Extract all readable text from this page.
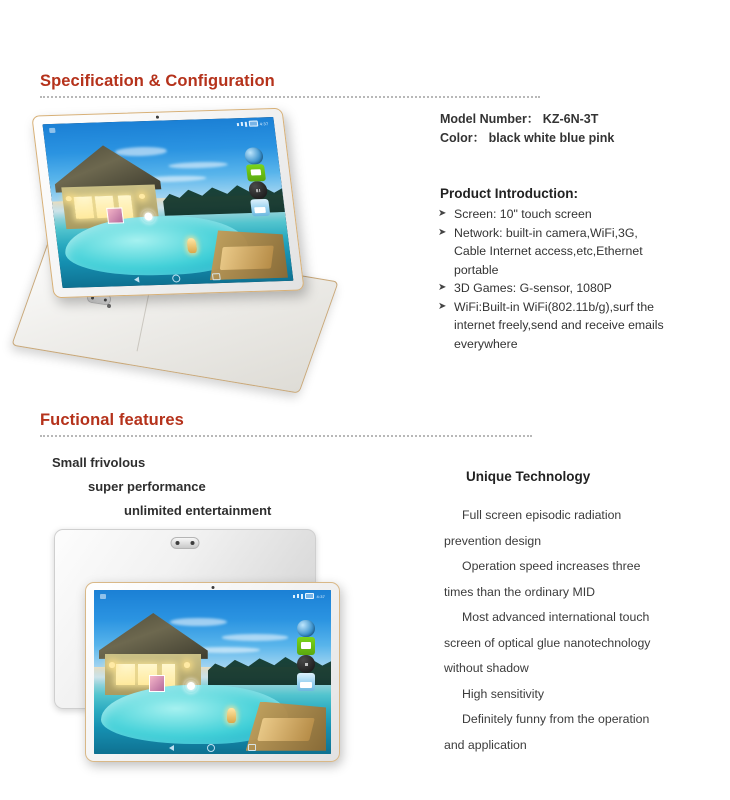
Specification & Configuration
4:37	Model Number： KZ-6N-3T
Color： black white blue pink
Product Introduction:
➤ Screen: 10" touch screen
➤ Network: built-in camera,WiFi,3G, Cable Internet access,etc,Ethernet portable
➤ 3D Games: G-sensor, 1080P
➤ WiFi:Built-in WiFi(802.11b/g),surf the internet freely,send and receive emails everywhere
Fuctional features
Small frivolous
super performance
unlimited entertainment
Unique Technology

Full screen episodic radiation prevention design

Operation speed increases three times than the ordinary MID

Most advanced international touch screen of optical glue nanotechnology without shadow

High sensitivity

Definitely funny from the operation and application

4:37
